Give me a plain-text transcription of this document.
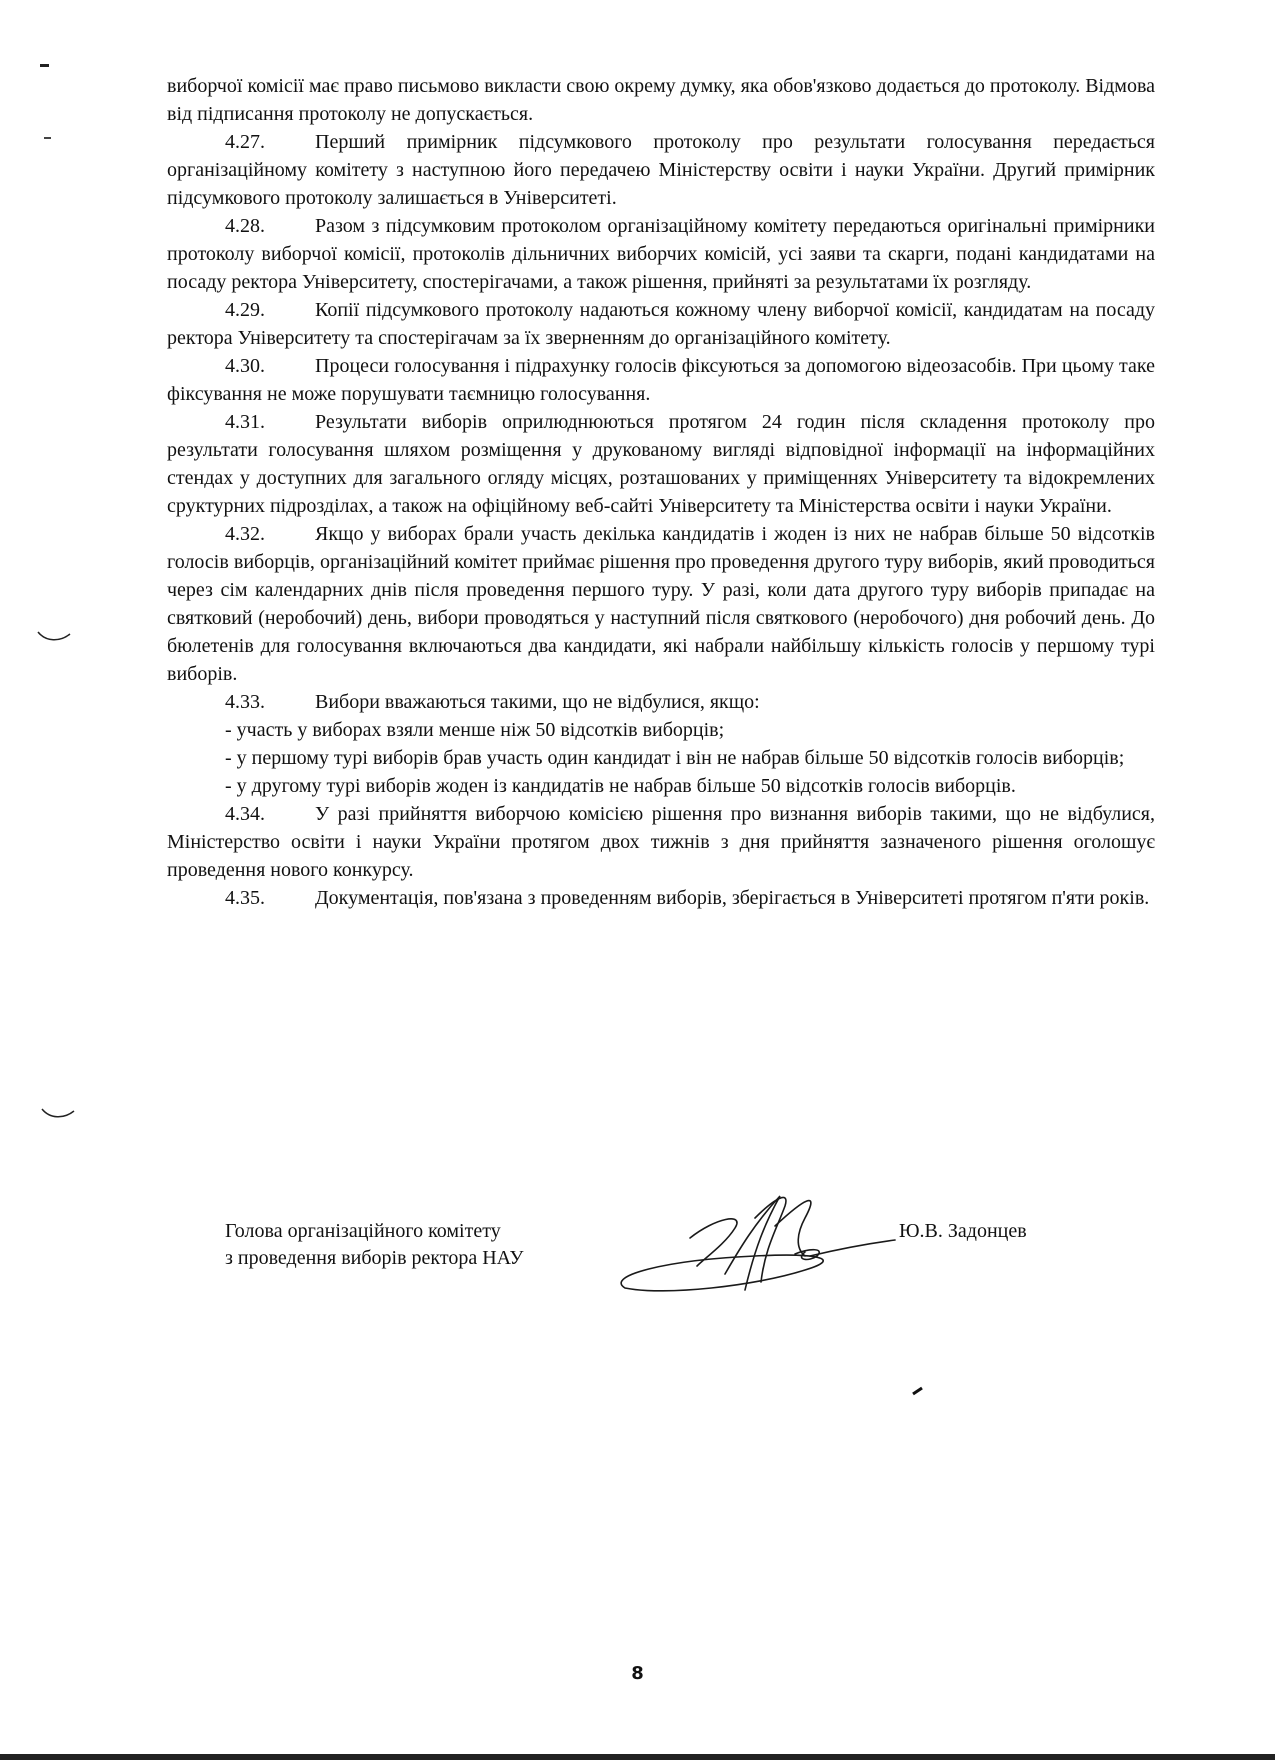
виборчої комісії має право письмово викласти свою окрему думку, яка обов'язково додається до протоколу. Відмова від підписання протоколу не допускається.

4.27.	Перший примірник підсумкового протоколу про результати голосування передається організаційному комітету з наступною його передачею Міністерству освіти і науки України. Другий примірник підсумкового протоколу залишається в Університеті.

4.28.	Разом з підсумковим протоколом організаційному комітету передаються оригінальні примірники протоколу виборчої комісії, протоколів дільничних виборчих комісій, усі заяви та скарги, подані кандидатами на посаду ректора Університету, спостерігачами, а також рішення, прийняті за результатами їх розгляду.

4.29.	Копії підсумкового протоколу надаються кожному члену виборчої комісії, кандидатам на посаду ректора Університету та спостерігачам за їх зверненням до організаційного комітету.

4.30.	Процеси голосування і підрахунку голосів фіксуються за допомогою відеозасобів. При цьому таке фіксування не може порушувати таємницю голосування.

4.31.	Результати виборів оприлюднюються протягом 24 годин після складення протоколу про результати голосування шляхом розміщення у друкованому вигляді відповідної інформації на інформаційних стендах у доступних для загального огляду місцях, розташованих у приміщеннях Університету та відокремлених сруктурних підрозділах, а також на офіційному веб-сайті Університету та Міністерства освіти і науки України.

4.32.	Якщо у виборах брали участь декілька кандидатів і жоден із них не набрав більше 50 відсотків голосів виборців, організаційний комітет приймає рішення про проведення другого туру виборів, який проводиться через сім календарних днів після проведення першого туру. У разі, коли дата другого туру виборів припадає на святковий (неробочий) день, вибори проводяться у наступний після святкового (неробочого) дня робочий день. До бюлетенів для голосування включаються два кандидати, які набрали найбільшу кількість голосів у першому турі виборів.

4.33.	Вибори вважаються такими, що не відбулися, якщо:

- участь у виборах взяли менше ніж 50 відсотків виборців;

- у першому турі виборів брав участь один кандидат і він не набрав більше 50 відсотків голосів виборців;

- у другому турі виборів жоден із кандидатів не набрав більше 50 відсотків голосів виборців.

4.34.	У разі прийняття виборчою комісією рішення про визнання виборів такими, що не відбулися, Міністерство освіти і науки України протягом двох тижнів з дня прийняття зазначеного рішення оголошує проведення нового конкурсу.

4.35.	Документація, пов'язана з проведенням виборів, зберігається в Університеті протягом п'яти років.

Голова організаційного комітету
з проведення виборів ректора НАУ
Ю.В. Задонцев
8
